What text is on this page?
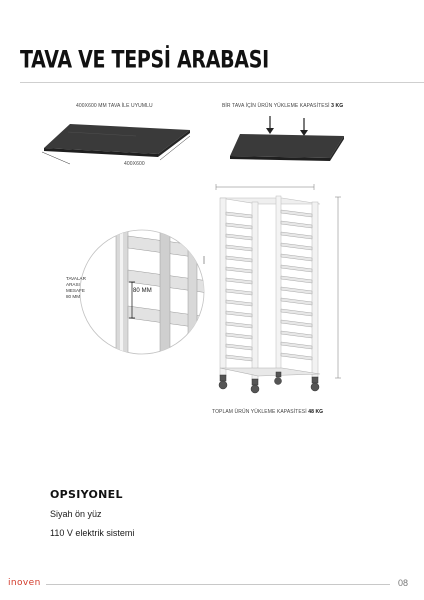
TAVA VE TEPSİ ARABASI
400X600 MM TAVA İLE UYUMLU
400X600
BİR TAVA İÇİN ÜRÜN YÜKLEME KAPASİTESİ 3 KG
TOPLAM ÜRÜN YÜKLEME KAPASİTESİ 48 KG
80 MM
TAVALAR
ARASI
MESAFE
80 MM
OPSIYONEL
Siyah ön yüz
110 V elektrik sistemi
inoven	08
